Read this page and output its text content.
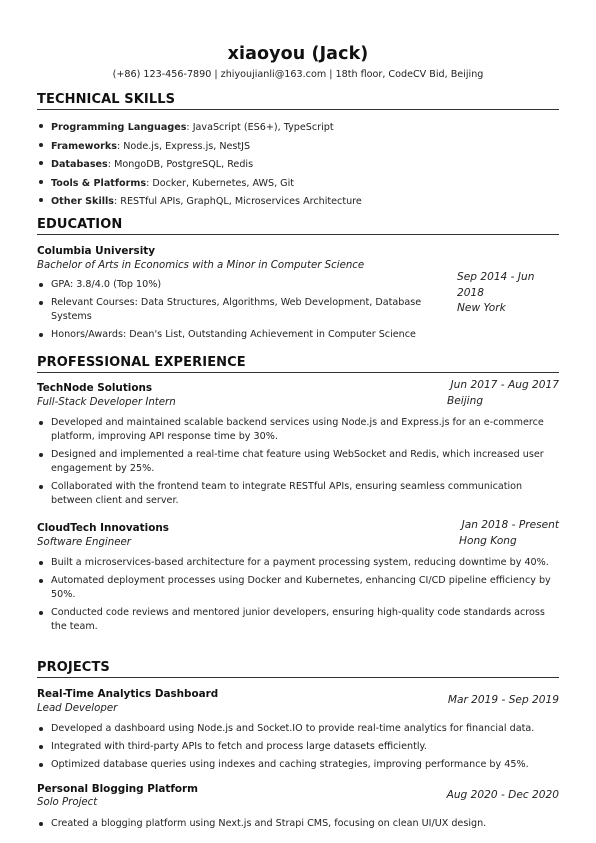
xiaoyou (Jack)
(+86) 123-456-7890 | zhiyoujianli@163.com | 18th floor, CodeCV Bid, Beijing
TECHNICAL SKILLS
Programming Languages: JavaScript (ES6+), TypeScript
Frameworks: Node.js, Express.js, NestJS
Databases: MongoDB, PostgreSQL, Redis
Tools & Platforms: Docker, Kubernetes, AWS, Git
Other Skills: RESTful APIs, GraphQL, Microservices Architecture
EDUCATION
Columbia University
Bachelor of Arts in Economics with a Minor in Computer Science
Sep 2014 - Jun
2018
New York
GPA: 3.8/4.0 (Top 10%)
Relevant Courses: Data Structures, Algorithms, Web Development, Database Systems
Honors/Awards: Dean's List, Outstanding Achievement in Computer Science
PROFESSIONAL EXPERIENCE
TechNode Solutions	Jun 2017 - Aug 2017
Full-Stack Developer Intern	Beijing
Developed and maintained scalable backend services using Node.js and Express.js for an e-commerce platform, improving API response time by 30%.
Designed and implemented a real-time chat feature using WebSocket and Redis, which increased user engagement by 25%.
Collaborated with the frontend team to integrate RESTful APIs, ensuring seamless communication between client and server.
CloudTech Innovations	Jan 2018 - Present
Software Engineer	Hong Kong
Built a microservices-based architecture for a payment processing system, reducing downtime by 40%.
Automated deployment processes using Docker and Kubernetes, enhancing CI/CD pipeline efficiency by 50%.
Conducted code reviews and mentored junior developers, ensuring high-quality code standards across the team.
PROJECTS
Real-Time Analytics Dashboard
Lead Developer
Mar 2019 - Sep 2019
Developed a dashboard using Node.js and Socket.IO to provide real-time analytics for financial data.
Integrated with third-party APIs to fetch and process large datasets efficiently.
Optimized database queries using indexes and caching strategies, improving performance by 45%.
Personal Blogging Platform
Solo Project
Aug 2020 - Dec 2020
Created a blogging platform using Next.js and Strapi CMS, focusing on clean UI/UX design.
